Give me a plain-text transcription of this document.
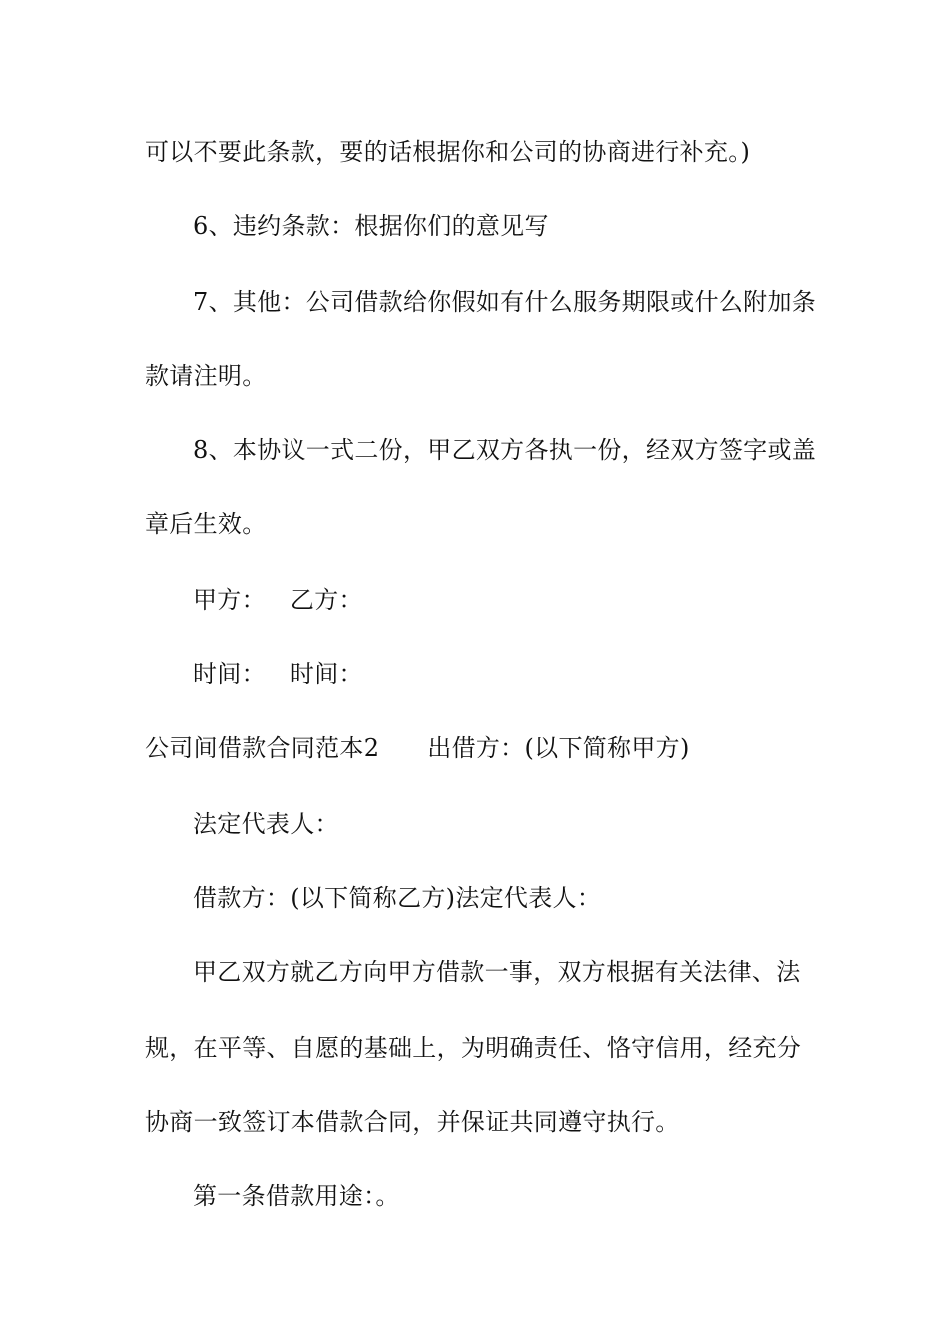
可以不要此条款，要的话根据你和公司的协商进行补充。)
6、违约条款：根据你们的意见写
7、其他：公司借款给你假如有什么服务期限或什么附加条
款请注明。
8、本协议一式二份，甲乙双方各执一份，经双方签字或盖
章后生效。
甲方： 乙方：
时间： 时间：
公司间借款合同范本2 出借方：(以下简称甲方)
法定代表人：
借款方：(以下简称乙方)法定代表人：
甲乙双方就乙方向甲方借款一事，双方根据有关法律、法
规，在平等、自愿的基础上，为明确责任、恪守信用，经充分
协商一致签订本借款合同，并保证共同遵守执行。
第一条借款用途：。
